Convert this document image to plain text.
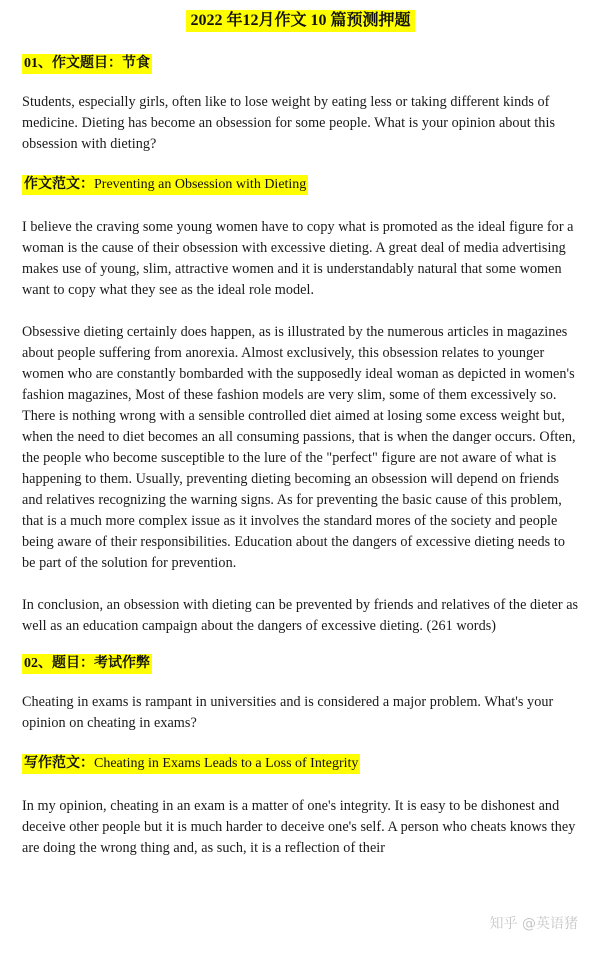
2022 年12月作文 10 篇预测押题
01、作文题目：节食

Students, especially girls, often like to lose weight by eating less or taking different kinds of medicine. Dieting has become an obsession for some people. What is your opinion about this obsession with dieting?

作文范文：Preventing an Obsession with Dieting

I believe the craving some young women have to copy what is promoted as the ideal figure for a woman is the cause of their obsession with excessive dieting. A great deal of media advertising makes use of young, slim, attractive women and it is understandably natural that some women want to copy what they see as the ideal role model.

Obsessive dieting certainly does happen, as is illustrated by the numerous articles in magazines about people suffering from anorexia. Almost exclusively, this obsession relates to younger women who are constantly bombarded with the supposedly ideal woman as depicted in women's fashion magazines, Most of these fashion models are very slim, some of them excessively so. There is nothing wrong with a sensible controlled diet aimed at losing some excess weight but, when the need to diet becomes an all consuming passions, that is when the danger occurs. Often, the people who become susceptible to the lure of the "perfect" figure are not aware of what is happening to them. Usually, preventing dieting becoming an obsession will depend on friends and relatives recognizing the warning signs. As for preventing the basic cause of this problem, that is a much more complex issue as it involves the standard mores of the society and people being aware of their responsibilities. Education about the dangers of excessive dieting needs to be part of the solution for prevention.

In conclusion, an obsession with dieting can be prevented by friends and relatives of the dieter as well as an education campaign about the dangers of excessive dieting. (261 words)

02、题目：考试作弊

Cheating in exams is rampant in universities and is considered a major problem. What's your opinion on cheating in exams?

写作范文：Cheating in Exams Leads to a Loss of Integrity

In my opinion, cheating in an exam is a matter of one's integrity. It is easy to be dishonest and deceive other people but it is much harder to deceive one's self. A person who cheats knows they are doing the wrong thing and, as such, it is a reflection of their

知乎 @英语猪
